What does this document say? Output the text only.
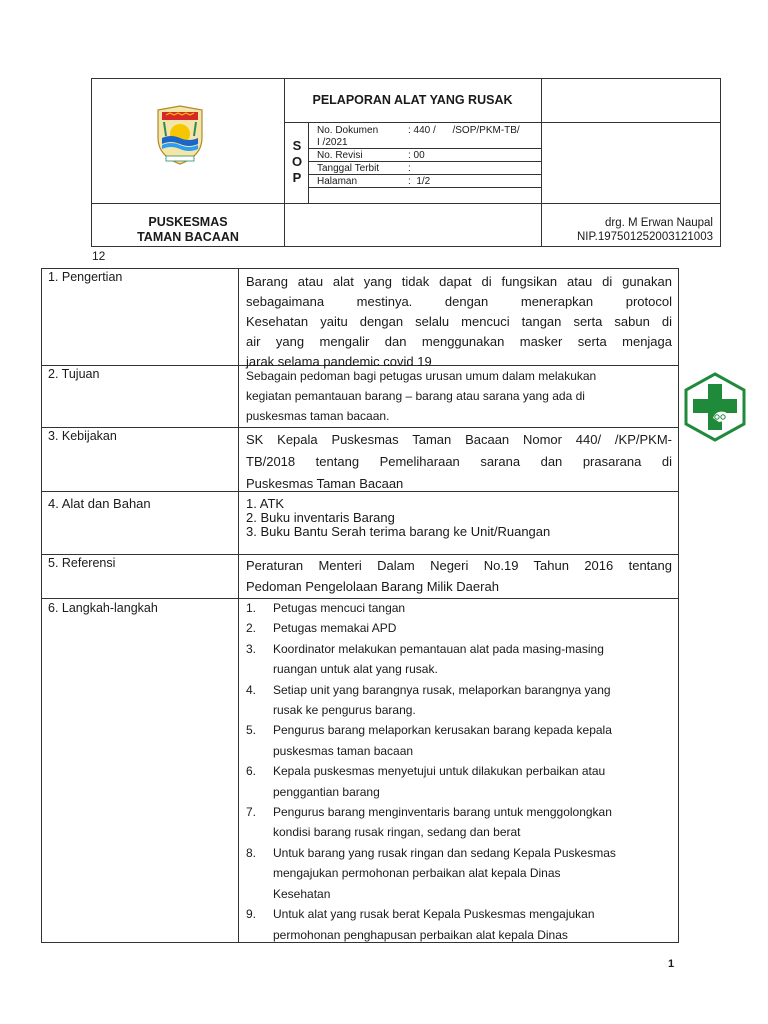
PELAPORAN ALAT YANG RUSAK
S
O
P
No. Dokumen	: 440 /      /SOP/PKM-TB/
I /2021
No. Revisi	: 00
Tanggal Terbit	:
Halaman	:  1/2
PUSKESMAS
TAMAN BACAAN
drg. M Erwan Naupal
NIP.197501252003121003
12
1. Pengertian	Barang atau alat yang tidak dapat di fungsikan atau di gunakan
sebagaimana mestinya. dengan menerapkan protocol
Kesehatan yaitu dengan selalu mencuci tangan serta sabun di
air yang mengalir dan menggunakan masker serta menjaga
jarak selama pandemic covid 19
2. Tujuan	Sebagain pedoman bagi petugas urusan umum dalam melakukan
kegiatan pemantauan barang – barang atau sarana yang ada di
puskesmas taman bacaan.
3. Kebijakan	SK Kepala Puskesmas Taman Bacaan Nomor 440/ /KP/PKM-
TB/2018 tentang Pemeliharaan sarana dan prasarana di
Puskesmas Taman Bacaan
4. Alat dan Bahan	1. ATK
2. Buku inventaris Barang
3. Buku Bantu Serah terima barang ke Unit/Ruangan
5. Referensi	Peraturan Menteri Dalam Negeri No.19 Tahun 2016 tentang
Pedoman Pengelolaan Barang Milik Daerah
6. Langkah-langkah	1. Petugas mencuci tangan
2. Petugas memakai APD
3. Koordinator melakukan pemantauan alat pada masing-masing
ruangan untuk alat yang rusak.
4. Setiap unit yang barangnya rusak, melaporkan barangnya yang
rusak ke pengurus barang.
5. Pengurus barang melaporkan kerusakan barang kepada kepala
puskesmas taman bacaan
6. Kepala puskesmas menyetujui untuk dilakukan perbaikan atau
penggantian barang
7. Pengurus barang menginventaris barang untuk menggolongkan
kondisi barang rusak ringan, sedang dan berat
8. Untuk barang yang rusak ringan dan sedang Kepala Puskesmas
mengajukan permohonan perbaikan alat kepala Dinas
Kesehatan
9. Untuk alat yang rusak berat Kepala Puskesmas mengajukan
permohonan penghapusan perbaikan alat kepala Dinas
1
